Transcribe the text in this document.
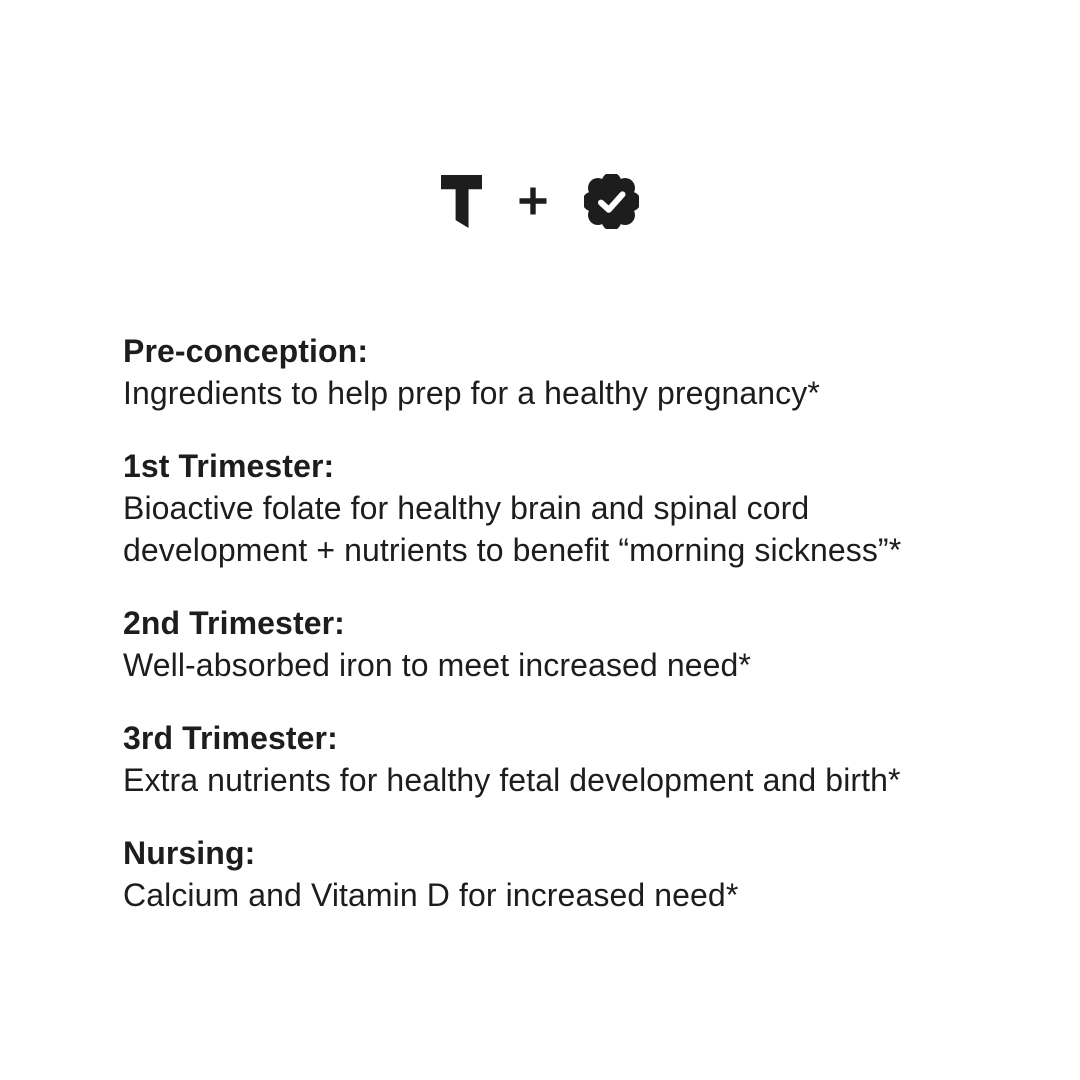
Pre-conception:

Ingredients to help prep for a healthy pregnancy*

1st Trimester:

Bioactive folate for healthy brain and spinal cord

development + nutrients to benefit “morning sickness”*

2nd Trimester:

Well-absorbed iron to meet increased need*

3rd Trimester:

Extra nutrients for healthy fetal development and birth*

Nursing:

Calcium and Vitamin D for increased need*
